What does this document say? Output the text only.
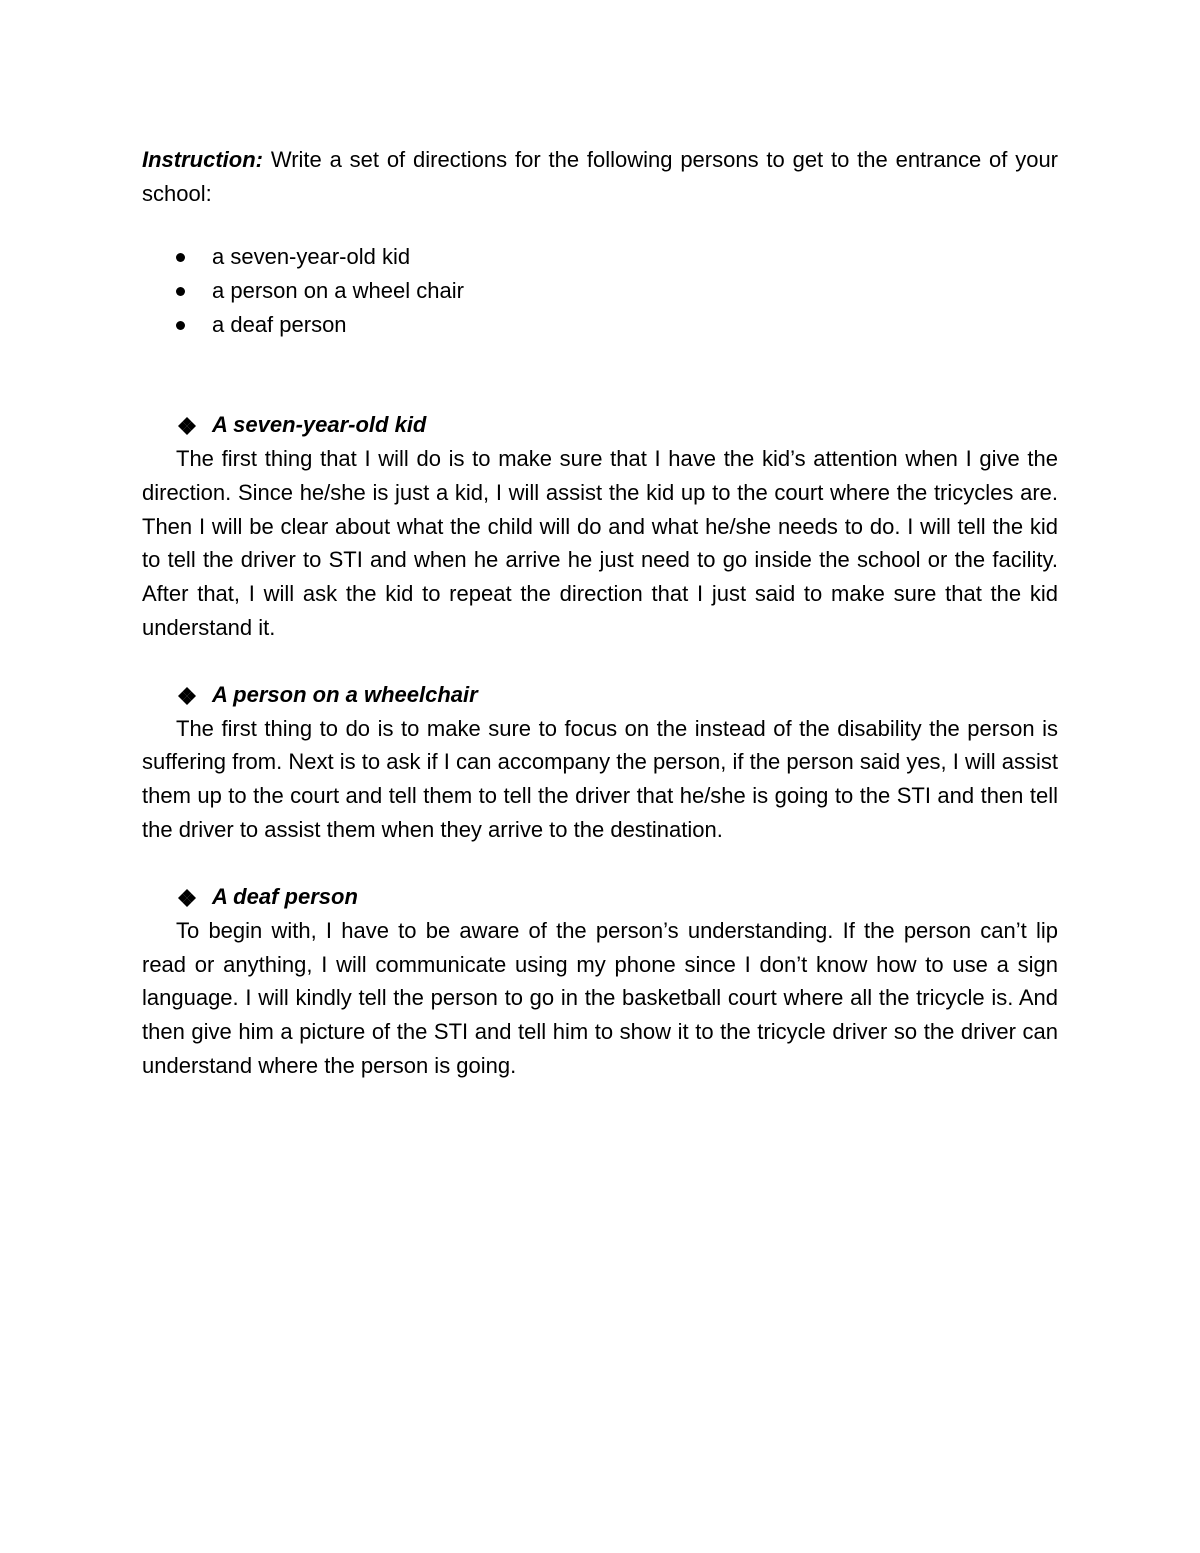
Instruction: Write a set of directions for the following persons to get to the entrance of your school:

a seven-year-old kid
a person on a wheel chair
a deaf person
A seven-year-old kid

The first thing that I will do is to make sure that I have the kid’s attention when I give the direction. Since he/she is just a kid, I will assist the kid up to the court where the tricycles are. Then I will be clear about what the child will do and what he/she needs to do. I will tell the kid to tell the driver to STI and when he arrive he just need to go inside the school or the facility. After that, I will ask the kid to repeat the direction that I just said to make sure that the kid understand it.

A person on a wheelchair

The first thing to do is to make sure to focus on the instead of the disability the person is suffering from. Next is to ask if I can accompany the person, if the person said yes, I will assist them up to the court and tell them to tell the driver that he/she is going to the STI and then tell the driver to assist them when they arrive to the destination.

A deaf person

To begin with, I have to be aware of the person’s understanding. If the person can’t lip read or anything, I will communicate using my phone since I don’t know how to use a sign language. I will kindly tell the person to go in the basketball court where all the tricycle is. And then give him a picture of the STI and tell him to show it to the tricycle driver so the driver can understand where the person is going.
